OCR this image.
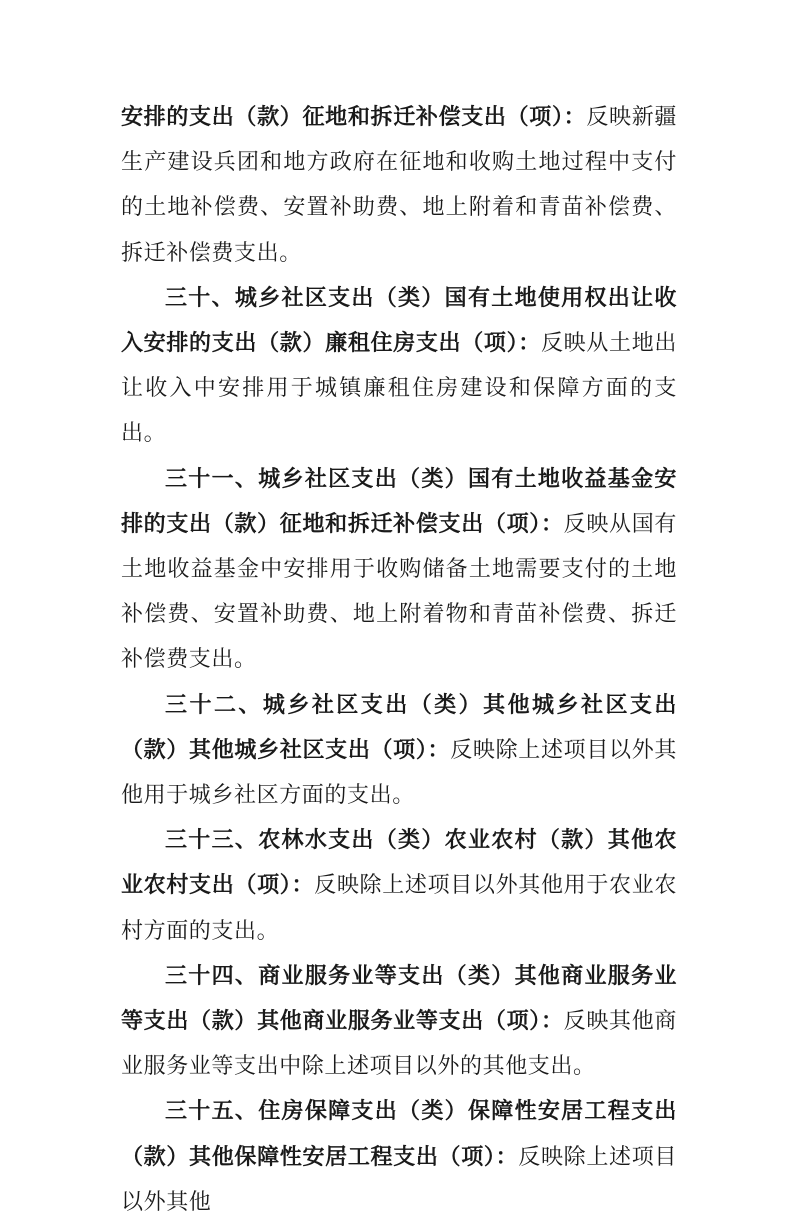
安排的支出（款）征地和拆迁补偿支出（项）：反映新疆生产建设兵团和地方政府在征地和收购土地过程中支付的土地补偿费、安置补助费、地上附着和青苗补偿费、拆迁补偿费支出。

三十、城乡社区支出（类）国有土地使用权出让收入安排的支出（款）廉租住房支出（项）：反映从土地出让收入中安排用于城镇廉租住房建设和保障方面的支出。

三十一、城乡社区支出（类）国有土地收益基金安排的支出（款）征地和拆迁补偿支出（项）：反映从国有土地收益基金中安排用于收购储备土地需要支付的土地补偿费、安置补助费、地上附着物和青苗补偿费、拆迁补偿费支出。

三十二、城乡社区支出（类）其他城乡社区支出（款）其他城乡社区支出（项）：反映除上述项目以外其他用于城乡社区方面的支出。

三十三、农林水支出（类）农业农村（款）其他农业农村支出（项）：反映除上述项目以外其他用于农业农村方面的支出。

三十四、商业服务业等支出（类）其他商业服务业等支出（款）其他商业服务业等支出（项）：反映其他商业服务业等支出中除上述项目以外的其他支出。

三十五、住房保障支出（类）保障性安居工程支出（款）其他保障性安居工程支出（项）：反映除上述项目以外其他
